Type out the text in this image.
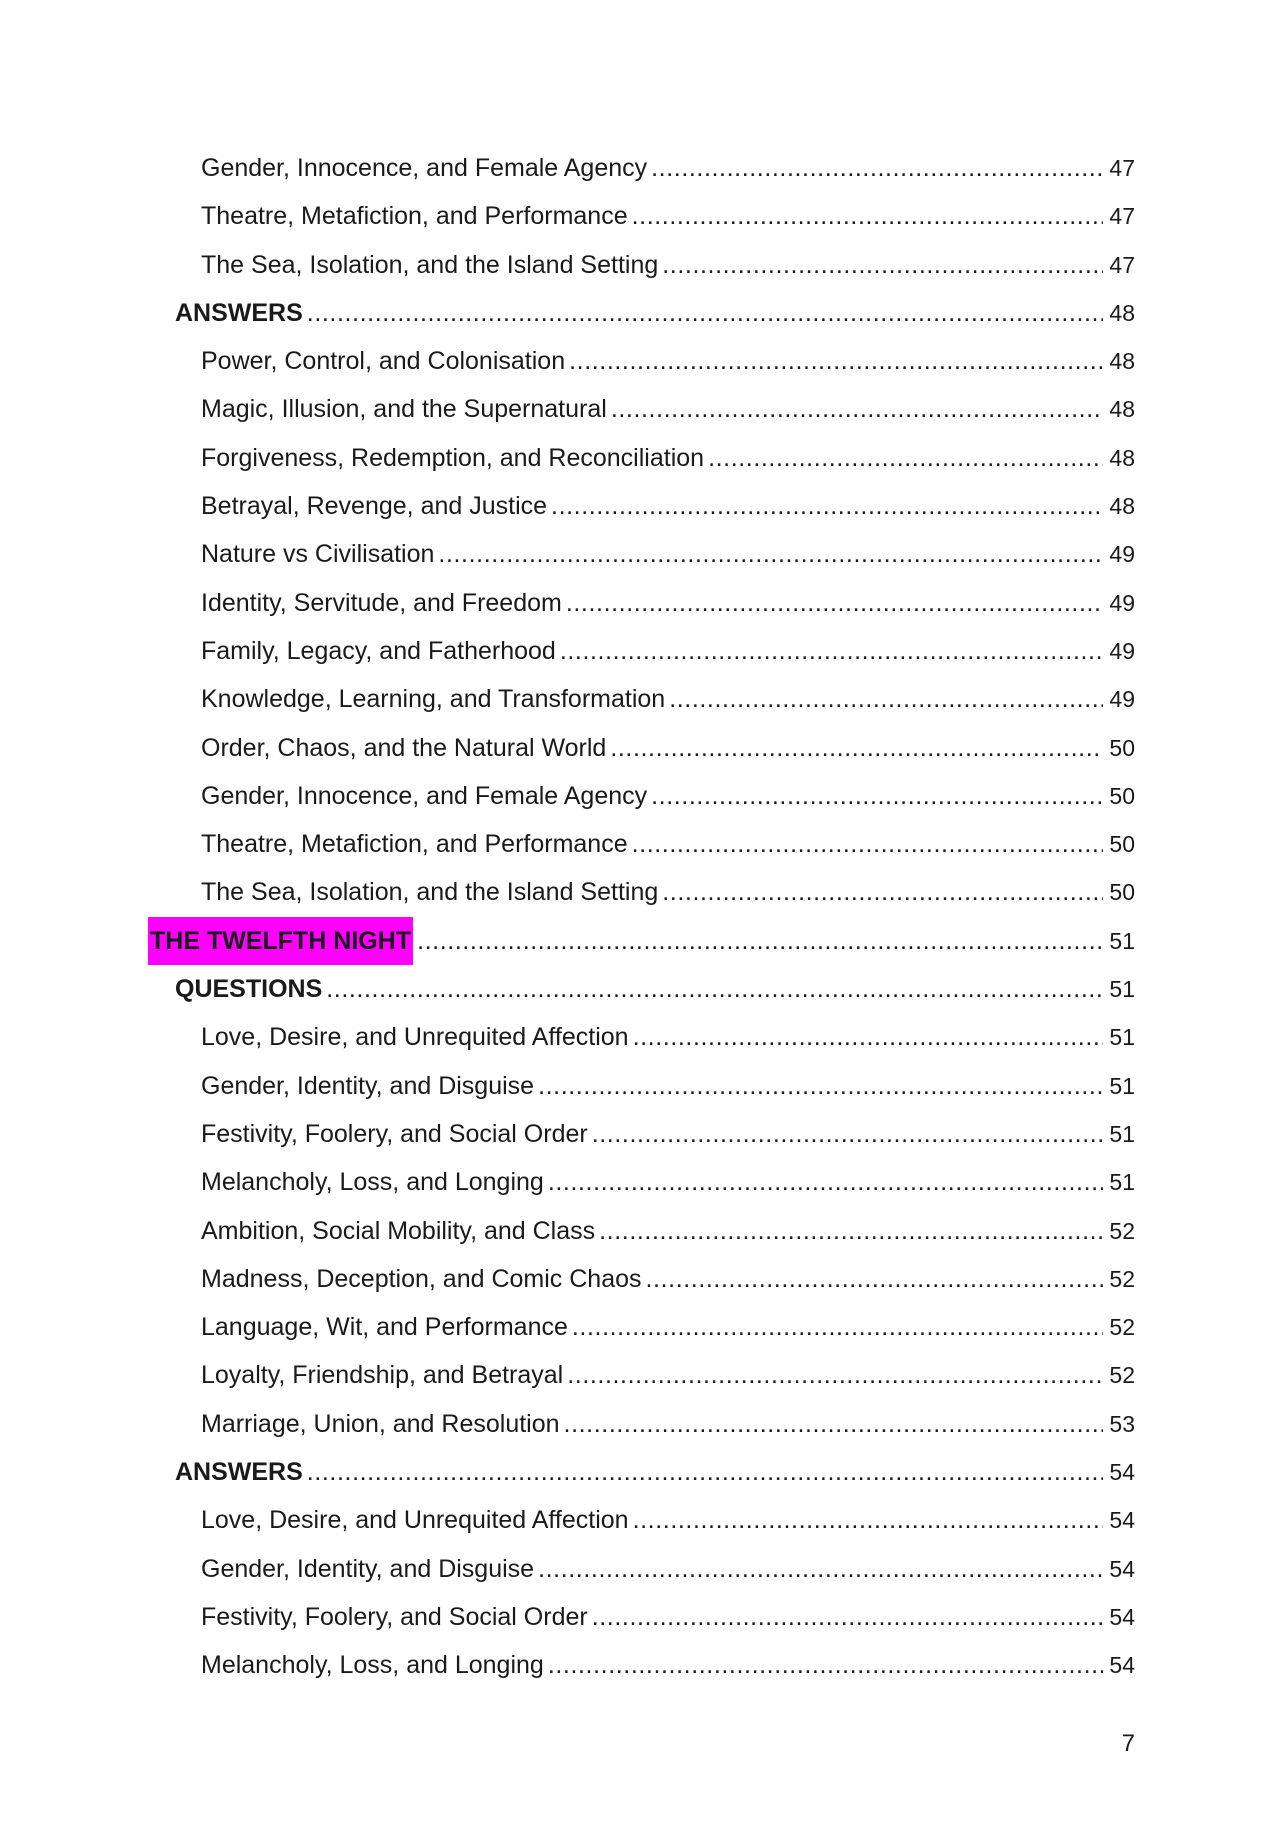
Gender, Innocence, and Female Agency .....	47
Theatre, Metafiction, and Performance .....	47
The Sea, Isolation, and the Island Setting .....	47
ANSWERS .....	48
Power, Control, and Colonisation .....	48
Magic, Illusion, and the Supernatural .....	48
Forgiveness, Redemption, and Reconciliation .....	48
Betrayal, Revenge, and Justice .....	48
Nature vs Civilisation .....	49
Identity, Servitude, and Freedom .....	49
Family, Legacy, and Fatherhood .....	49
Knowledge, Learning, and Transformation .....	49
Order, Chaos, and the Natural World .....	50
Gender, Innocence, and Female Agency .....	50
Theatre, Metafiction, and Performance .....	50
The Sea, Isolation, and the Island Setting .....	50
THE TWELFTH NIGHT .....	51
QUESTIONS .....	51
Love, Desire, and Unrequited Affection .....	51
Gender, Identity, and Disguise .....	51
Festivity, Foolery, and Social Order .....	51
Melancholy, Loss, and Longing .....	51
Ambition, Social Mobility, and Class .....	52
Madness, Deception, and Comic Chaos .....	52
Language, Wit, and Performance .....	52
Loyalty, Friendship, and Betrayal .....	52
Marriage, Union, and Resolution .....	53
ANSWERS .....	54
Love, Desire, and Unrequited Affection .....	54
Gender, Identity, and Disguise .....	54
Festivity, Foolery, and Social Order .....	54
Melancholy, Loss, and Longing .....	54
7
